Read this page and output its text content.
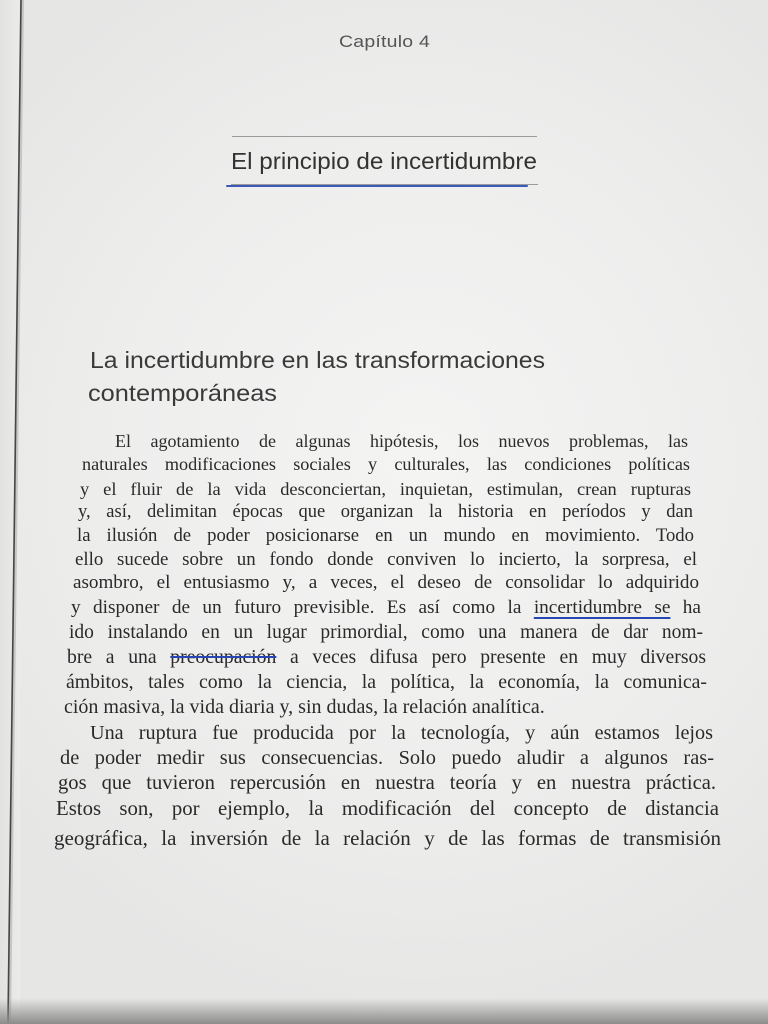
Capítulo 4
El principio de incertidumbre
La incertidumbre en las transformaciones
contemporáneas
El agotamiento de algunas hipótesis, los nuevos problemas, las
naturales modificaciones sociales y culturales, las condiciones políticas
y el fluir de la vida desconciertan, inquietan, estimulan, crean rupturas
y, así, delimitan épocas que organizan la historia en períodos y dan
la ilusión de poder posicionarse en un mundo en movimiento. Todo
ello sucede sobre un fondo donde conviven lo incierto, la sorpresa, el
asombro, el entusiasmo y, a veces, el deseo de consolidar lo adquirido
y disponer de un futuro previsible. Es así como la incertidumbre se ha
ido instalando en un lugar primordial, como una manera de dar nom-
bre a una preocupación a veces difusa pero presente en muy diversos
ámbitos, tales como la ciencia, la política, la economía, la comunica-
ción masiva, la vida diaria y, sin dudas, la relación analítica.
Una ruptura fue producida por la tecnología, y aún estamos lejos
de poder medir sus consecuencias. Solo puedo aludir a algunos ras-
gos que tuvieron repercusión en nuestra teoría y en nuestra práctica.
Estos son, por ejemplo, la modificación del concepto de distancia
geográfica, la inversión de la relación y de las formas de transmisión
